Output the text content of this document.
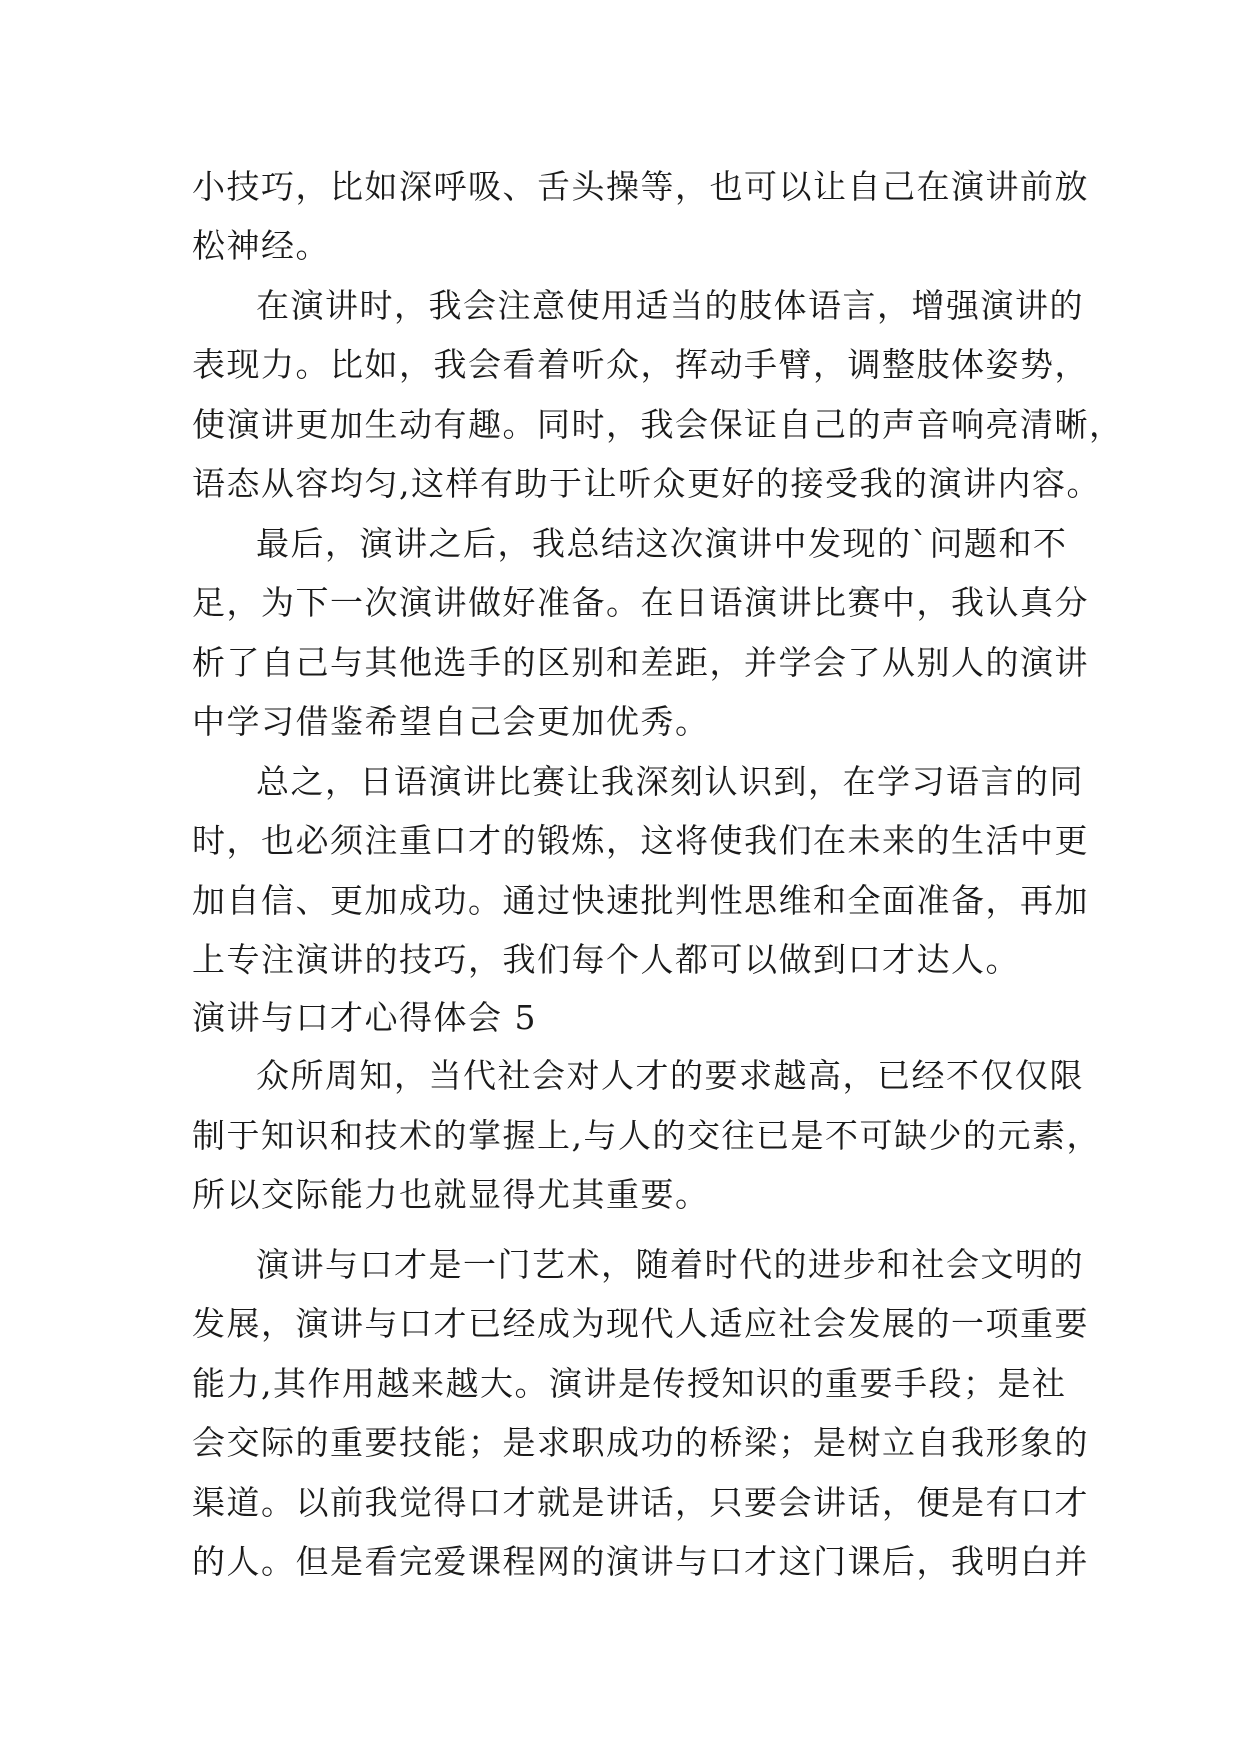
小技巧，比如深呼吸、舌头操等，也可以让自己在演讲前放
松神经。
在演讲时，我会注意使用适当的肢体语言，增强演讲的
表现力。比如，我会看着听众，挥动手臂，调整肢体姿势，
使演讲更加生动有趣。同时，我会保证自己的声音响亮清晰，
语态从容均匀,这样有助于让听众更好的接受我的演讲内容。
最后，演讲之后，我总结这次演讲中发现的`问题和不
足，为下一次演讲做好准备。在日语演讲比赛中，我认真分
析了自己与其他选手的区别和差距，并学会了从别人的演讲
中学习借鉴希望自己会更加优秀。
总之，日语演讲比赛让我深刻认识到，在学习语言的同
时，也必须注重口才的锻炼，这将使我们在未来的生活中更
加自信、更加成功。通过快速批判性思维和全面准备，再加
上专注演讲的技巧，我们每个人都可以做到口才达人。
演讲与口才心得体会 5
众所周知，当代社会对人才的要求越高，已经不仅仅限
制于知识和技术的掌握上,与人的交往已是不可缺少的元素，
所以交际能力也就显得尤其重要。
演讲与口才是一门艺术，随着时代的进步和社会文明的
发展，演讲与口才已经成为现代人适应社会发展的一项重要
能力,其作用越来越大。演讲是传授知识的重要手段；是社
会交际的重要技能；是求职成功的桥梁；是树立自我形象的
渠道。以前我觉得口才就是讲话，只要会讲话，便是有口才
的人。但是看完爱课程网的演讲与口才这门课后，我明白并
